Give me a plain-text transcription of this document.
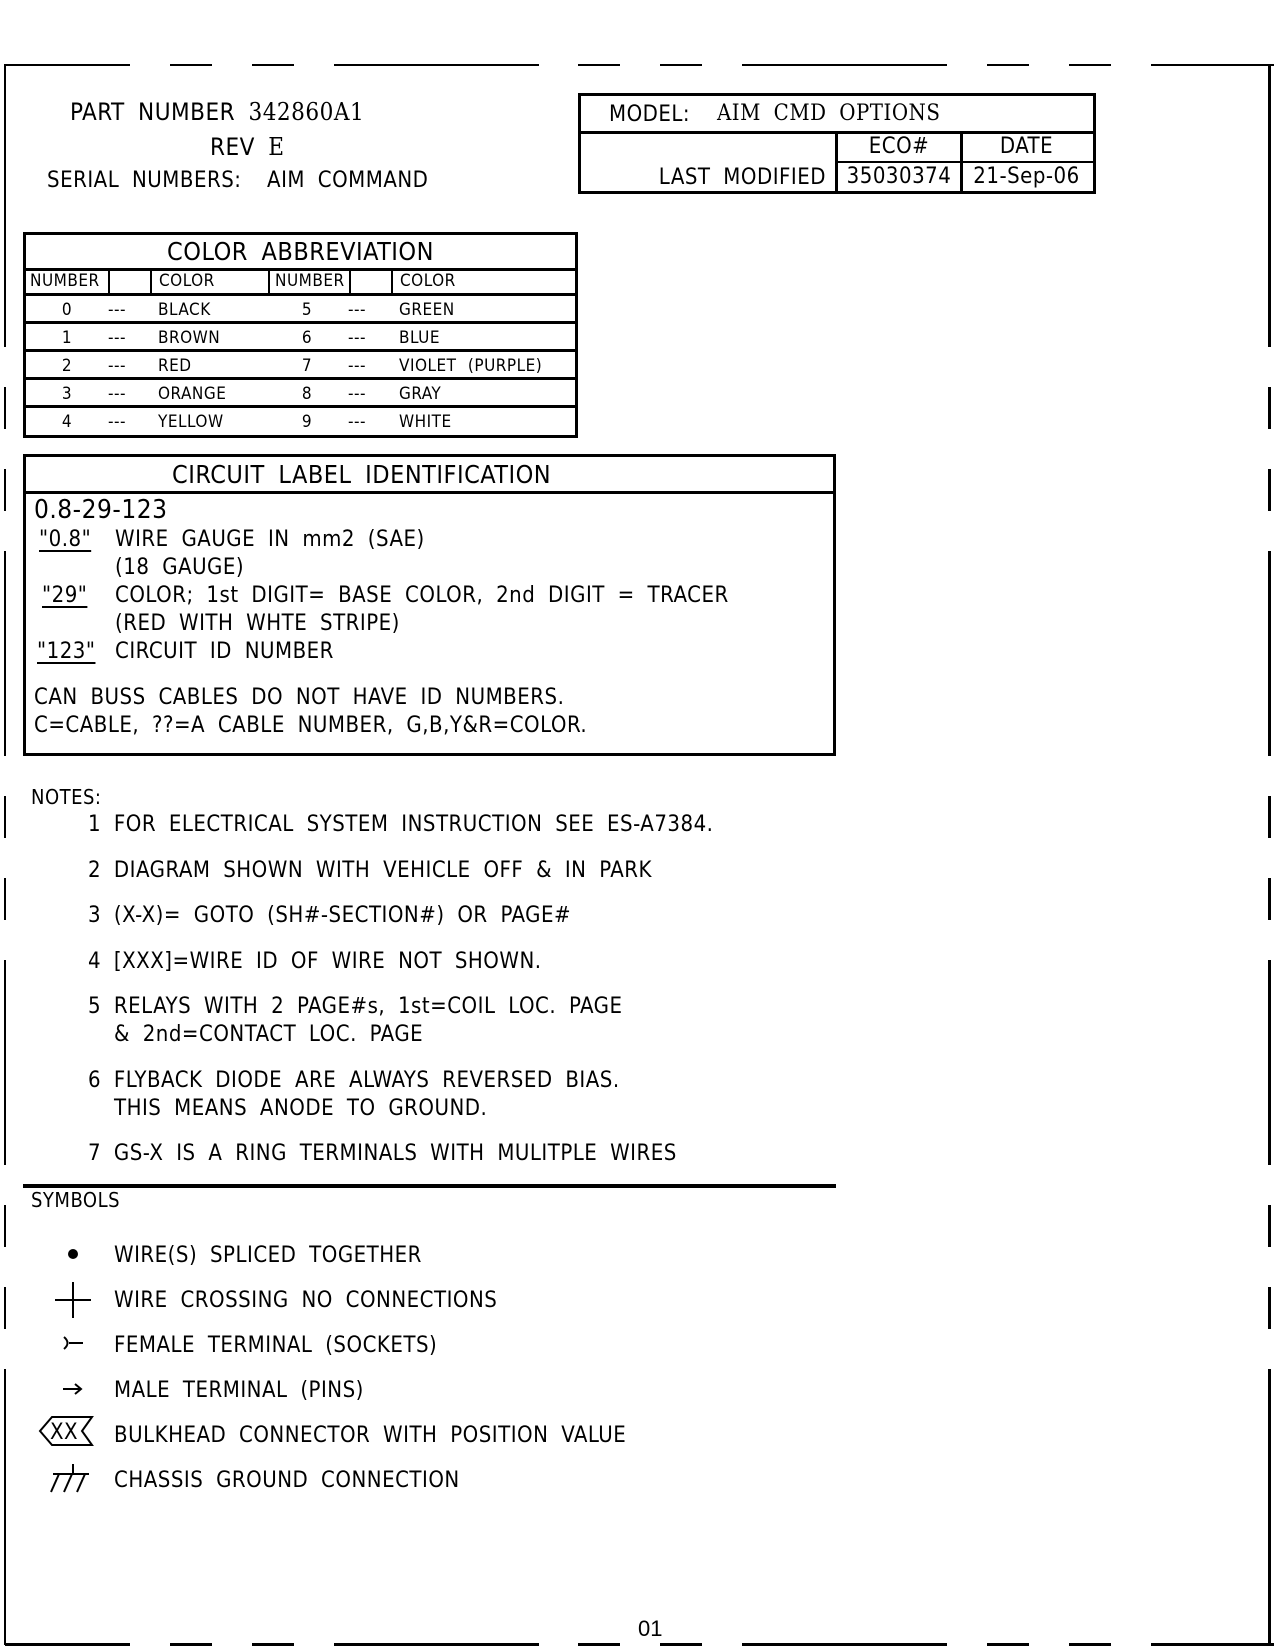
PART NUMBER 342860A1
REV E
SERIAL NUMBERS: AIM COMMAND
MODEL: AIM CMD OPTIONS
LAST MODIFIED
ECO#	DATE
35030374 21-Sep-06
COLOR ABBREVIATION
NUMBER	COLOR	NUMBER	COLOR
0	--- BLACK	5	--- GREEN
1	--- BROWN	6	--- BLUE
2	--- RED	7	--- VIOLET (PURPLE)
3	--- ORANGE	8	--- GRAY
4	--- YELLOW	9	--- WHITE
CIRCUIT LABEL IDENTIFICATION
0.8-29-123
"0.8" WIRE GAUGE IN mm2 (SAE)
(18 GAUGE)
"29" COLOR; 1st DIGIT= BASE COLOR, 2nd DIGIT = TRACER
(RED WITH WHTE STRIPE)
"123" CIRCUIT ID NUMBER
CAN BUSS CABLES DO NOT HAVE ID NUMBERS.
C=CABLE, ??=A CABLE NUMBER, G,B,Y&R=COLOR.
NOTES:
1 FOR ELECTRICAL SYSTEM INSTRUCTION SEE ES-A7384.
2 DIAGRAM SHOWN WITH VEHICLE OFF & IN PARK
3 (X-X)= GOTO (SH#-SECTION#) OR PAGE#
4 [XXX]=WIRE ID OF WIRE NOT SHOWN.
5 RELAYS WITH 2 PAGE#s, 1st=COIL LOC. PAGE
& 2nd=CONTACT LOC. PAGE
6 FLYBACK DIODE ARE ALWAYS REVERSED BIAS.
THIS MEANS ANODE TO GROUND.
7 GS-X IS A RING TERMINALS WITH MULITPLE WIRES
SYMBOLS
WIRE(S) SPLICED TOGETHER
WIRE CROSSING NO CONNECTIONS
FEMALE TERMINAL (SOCKETS)
MALE TERMINAL (PINS)
XX BULKHEAD CONNECTOR WITH POSITION VALUE
CHASSIS GROUND CONNECTION
01
